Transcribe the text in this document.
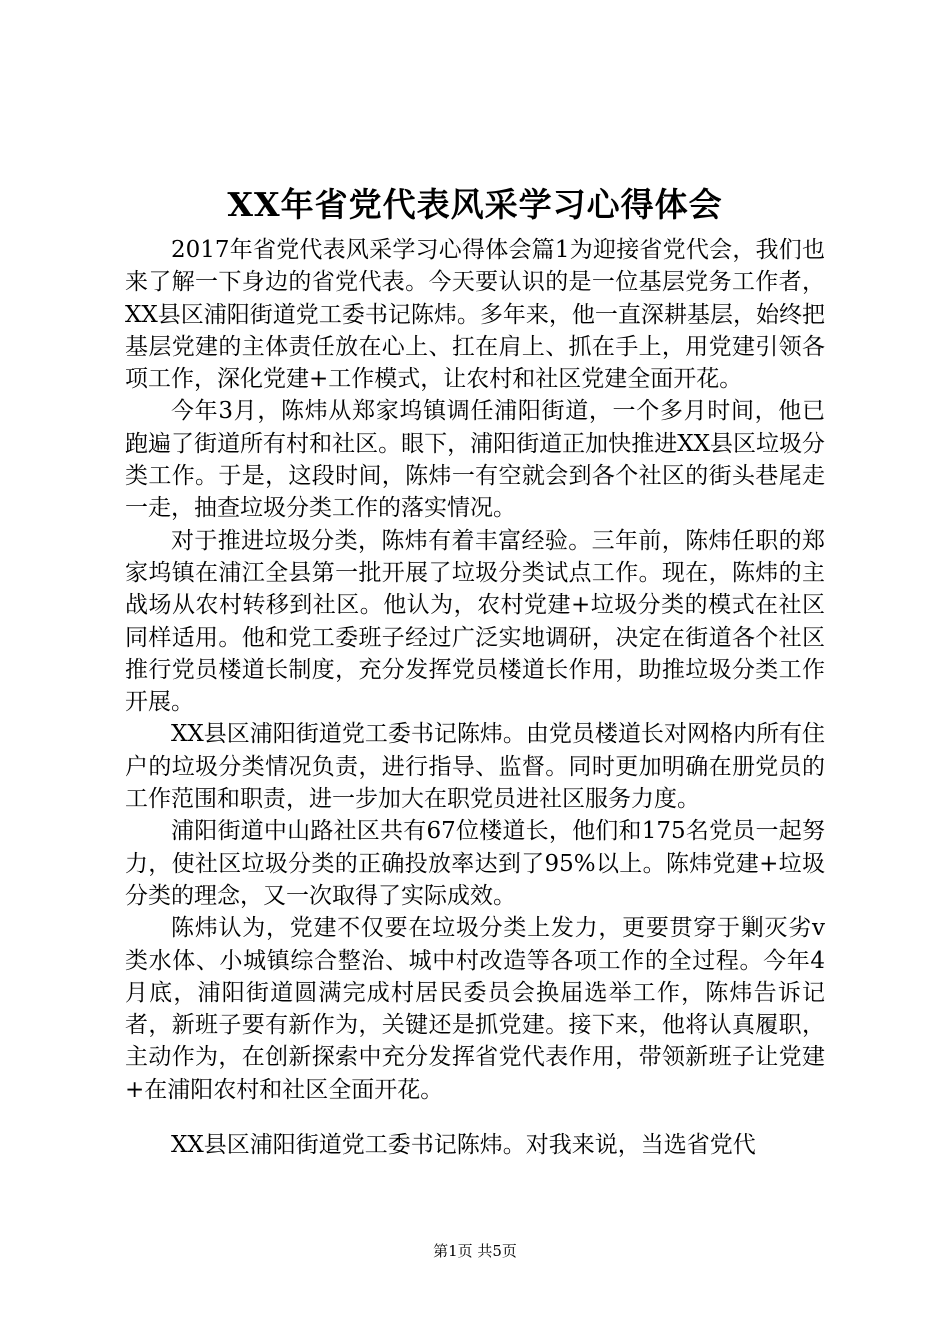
XX年省党代表风采学习心得体会

2017年省党代表风采学习心得体会篇1为迎接省党代会，我们也来了解一下身边的省党代表。今天要认识的是一位基层党务工作者，XX县区浦阳街道党工委书记陈炜。多年来，他一直深耕基层，始终把基层党建的主体责任放在心上、扛在肩上、抓在手上，用党建引领各项工作，深化党建+工作模式，让农村和社区党建全面开花。

今年3月，陈炜从郑家坞镇调任浦阳街道，一个多月时间，他已跑遍了街道所有村和社区。眼下，浦阳街道正加快推进XX县区垃圾分类工作。于是，这段时间，陈炜一有空就会到各个社区的街头巷尾走一走，抽查垃圾分类工作的落实情况。

对于推进垃圾分类，陈炜有着丰富经验。三年前，陈炜任职的郑家坞镇在浦江全县第一批开展了垃圾分类试点工作。现在，陈炜的主战场从农村转移到社区。他认为，农村党建+垃圾分类的模式在社区同样适用。他和党工委班子经过广泛实地调研，决定在街道各个社区推行党员楼道长制度，充分发挥党员楼道长作用，助推垃圾分类工作开展。

XX县区浦阳街道党工委书记陈炜。由党员楼道长对网格内所有住户的垃圾分类情况负责，进行指导、监督。同时更加明确在册党员的工作范围和职责，进一步加大在职党员进社区服务力度。

浦阳街道中山路社区共有67位楼道长，他们和175名党员一起努力，使社区垃圾分类的正确投放率达到了95%以上。陈炜党建+垃圾分类的理念，又一次取得了实际成效。

陈炜认为，党建不仅要在垃圾分类上发力，更要贯穿于剿灭劣v类水体、小城镇综合整治、城中村改造等各项工作的全过程。今年4月底，浦阳街道圆满完成村居民委员会换届选举工作，陈炜告诉记者，新班子要有新作为，关键还是抓党建。接下来，他将认真履职，主动作为，在创新探索中充分发挥省党代表作用，带领新班子让党建+在浦阳农村和社区全面开花。

XX县区浦阳街道党工委书记陈炜。对我来说，当选省党代

第1页 共5页
